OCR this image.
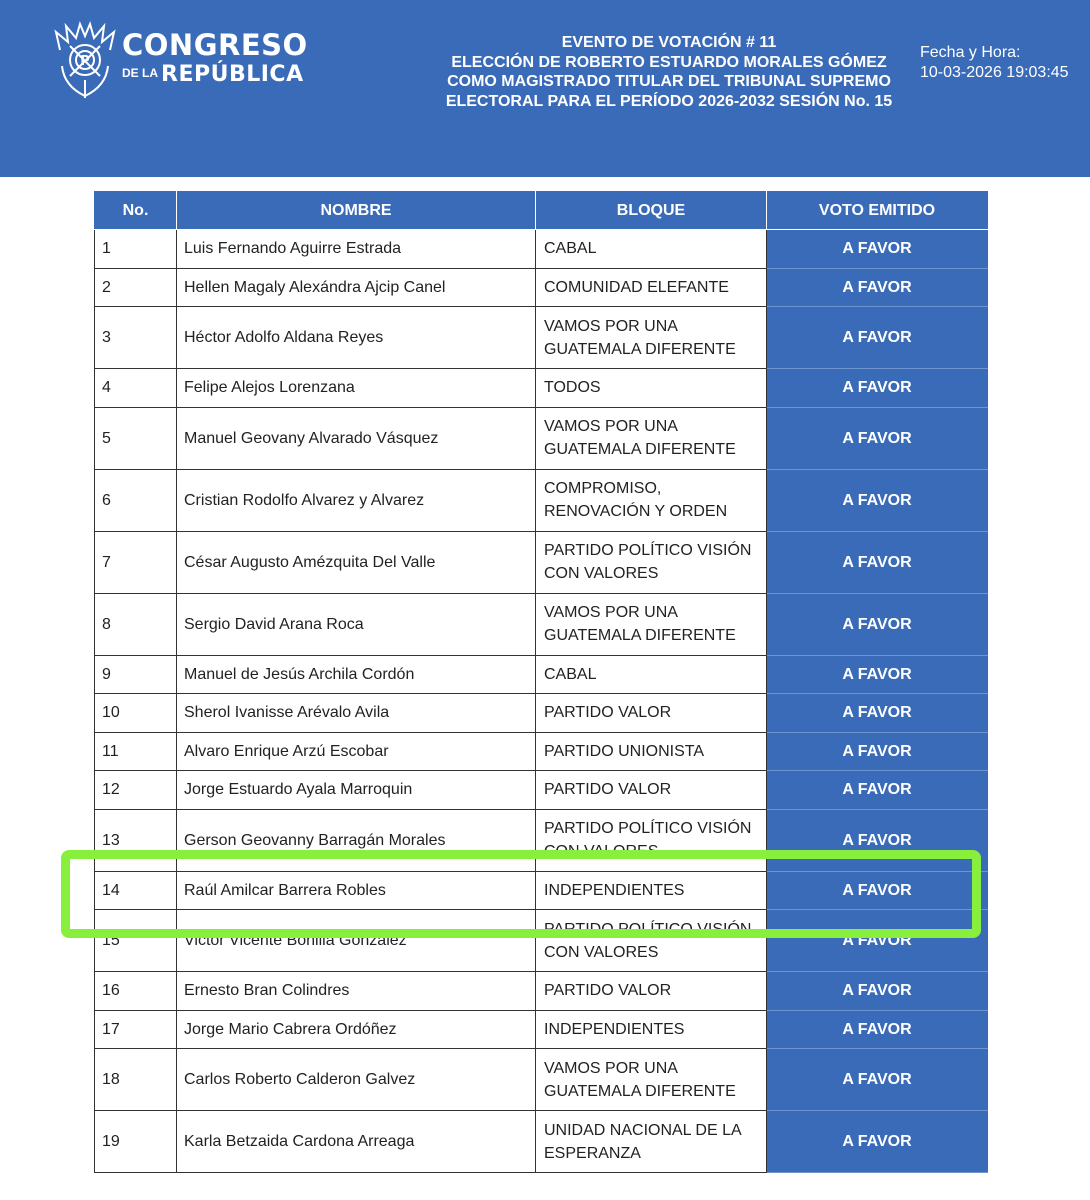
P CONGRESO
$^{DE LA}$ REPÚBLICA
EVENTO DE VOTACIÓN # 11
ELECCIÓN DE ROBERTO ESTUARDO MORALES GÓMEZ
COMO MAGISTRADO TITULAR DEL TRIBUNAL SUPREMO
ELECTORAL PARA EL PERÍODO 2026-2032 SESIÓN No. 15
Fecha y Hora:
10-03-2026 19:03:45
No.	NOMBRE	BLOQUE	VOTO EMITIDO
1	Luis Fernando Aguirre Estrada	CABAL	A FAVOR
2	Hellen Magaly Alexándra Ajcip Canel	COMUNIDAD ELEFANTE	A FAVOR
3	Héctor Adolfo Aldana Reyes	VAMOS POR UNA
GUATEMALA DIFERENTE	A FAVOR
4	Felipe Alejos Lorenzana	TODOS	A FAVOR
5	Manuel Geovany Alvarado Vásquez	VAMOS POR UNA
GUATEMALA DIFERENTE	A FAVOR
6	Cristian Rodolfo Alvarez y Alvarez	COMPROMISO,
RENOVACIÓN Y ORDEN	A FAVOR
7	César Augusto Amézquita Del Valle	PARTIDO POLÍTICO VISIÓN
CON VALORES	A FAVOR
8	Sergio David Arana Roca	VAMOS POR UNA
GUATEMALA DIFERENTE	A FAVOR
9	Manuel de Jesús Archila Cordón	CABAL	A FAVOR
10	Sherol Ivanisse Arévalo Avila	PARTIDO VALOR	A FAVOR
11	Alvaro Enrique Arzú Escobar	PARTIDO UNIONISTA	A FAVOR
12	Jorge Estuardo Ayala Marroquin	PARTIDO VALOR	A FAVOR
13	Gerson Geovanny Barragán Morales	PARTIDO POLÍTICO VISIÓN
CON VALORES	A FAVOR
14	Raúl Amilcar Barrera Robles	INDEPENDIENTES	A FAVOR
15	Victor Vicente Bonilla González	PARTIDO POLÍTICO VISIÓN
CON VALORES	A FAVOR
16	Ernesto Bran Colindres	PARTIDO VALOR	A FAVOR
17	Jorge Mario Cabrera Ordóñez	INDEPENDIENTES	A FAVOR
18	Carlos Roberto Calderon Galvez	VAMOS POR UNA
GUATEMALA DIFERENTE	A FAVOR
19	Karla Betzaida Cardona Arreaga	UNIDAD NACIONAL DE LA
ESPERANZA	A FAVOR
